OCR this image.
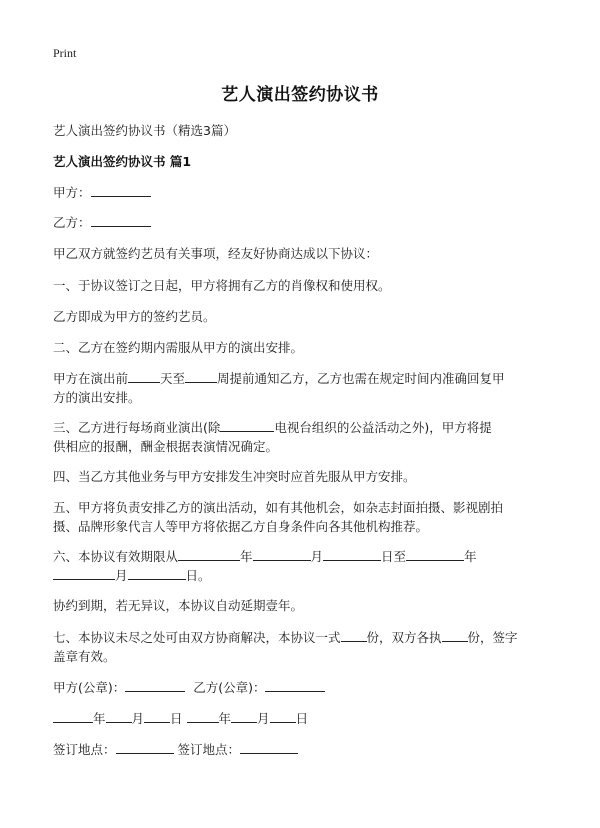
Print
艺人演出签约协议书
艺人演出签约协议书（精选3篇）
艺人演出签约协议书 篇1
甲方：
乙方：
甲乙双方就签约艺员有关事项，经友好协商达成以下协议：
一、于协议签订之日起，甲方将拥有乙方的肖像权和使用权。
乙方即成为甲方的签约艺员。
二、乙方在签约期内需服从甲方的演出安排。
甲方在演出前	天至	周提前通知乙方，乙方也需在规定时间内准确回复甲
方的演出安排。
三、乙方进行每场商业演出(除	电视台组织的公益活动之外)，甲方将提
供相应的报酬，酬金根据表演情况确定。
四、当乙方其他业务与甲方安排发生冲突时应首先服从甲方安排。
五、甲方将负责安排乙方的演出活动，如有其他机会，如杂志封面拍摄、影视剧拍
摄、品牌形象代言人等甲方将依据乙方自身条件向各其他机构推荐。
六、本协议有效期限从	年	月	日至	年
月	日。
协约到期，若无异议，本协议自动延期壹年。
七、本协议未尽之处可由双方协商解决，本协议一式 份，双方各执 份，签字
盖章有效。
甲方(公章)：	乙方(公章)：
年 月 日	年 月 日
签订地点：	签订地点：
